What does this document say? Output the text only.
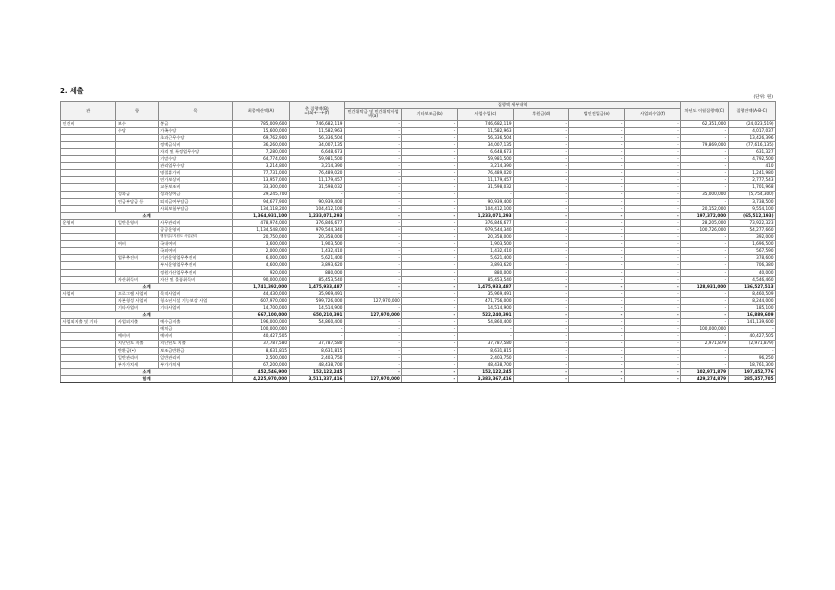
2. 세출
(단위: 원)
관	항	목	최종예산액(A)	총 집행액(B)
=(a)+···+(f)	집행액 세부내역						차년도 이월집행액(C)	집행잔액(A-B-C)
					민간위탁금 및 민간위탁사업비(a)	기타보조금(b)	사업수입(c)	후원금(d)	법인전입금(e)	사업외수입(f)		
인건비	보수	봉급	785,009,600	746,682,119	-	-	746,682,119	-	-	-	62,351,000	(24,023,519)
	수당	가족수당	15,600,000	11,582,963	-	-	11,582,963	-	-	-	-	4,017,037
		초과근무수당	69,762,900	56,336,504	-	-	56,336,504	-	-	-	-	13,426,396
		정액급식비	36,260,000	34,007,135	-	-	34,007,135	-	-	-	79,869,000	(77,616,135)
		자격 및 특정업무수당	7,280,000	6,648,673	-	-	6,648,673	-	-	-	-	631,327
		기말수당	64,774,000	59,981,500	-	-	59,981,500	-	-	-	-	4,792,500
		관리업무수당	3,214,800	3,214,390	-	-	3,214,390	-	-	-	-	410
		명절휴가비	77,731,000	76,489,020	-	-	76,489,020	-	-	-	-	1,241,980
		연가보상비	13,957,000	11,179,457	-	-	11,179,457	-	-	-	-	2,777,543
		교통보조비	33,300,000	31,598,032	-	-	31,598,032	-	-	-	-	1,701,968
	성과급	성과상여금	29,245,700	-	-	-	-	-	-	-	35,000,000	(5,754,300)
	연금부담금 등	퇴직급여부담금	94,677,900	90,939,400	-	-	90,939,400	-	-	-	-	3,738,500
		사회보험부담금	134,118,200	104,412,100	-	-	104,412,100	-	-	-	20,152,000	9,554,100
소계			1,364,931,100	1,233,071,293	-	-	1,233,071,293	-	-	-	197,372,000	(65,512,193)
운영비	일반운영비	사무관리비	478,974,000	376,846,677	-	-	376,846,677	-	-	-	28,205,000	73,922,323
		공공운영비	1,134,548,000	979,544,340	-	-	979,544,340	-	-	-	100,726,000	54,277,660
		행정업무지원도 사업관리	20,750,000	20,358,000	-	-	20,358,000	-	-	-	-	392,000
	여비	국내여비	3,600,000	1,903,500	-	-	1,903,500	-	-	-	-	1,696,500
		국외여비	2,000,000	1,432,410	-	-	1,432,410	-	-	-	-	567,590
	업무추진비	기관운영업무추진비	6,000,000	5,621,400	-	-	5,621,400	-	-	-	-	378,600
		부서운영업무추진비	4,600,000	3,893,620	-	-	3,893,620	-	-	-	-	706,380
		정원가산업무추진비	920,000	880,000	-	-	880,000	-	-	-	-	40,000
	자산취득비	자산 및 물품취득비	90,000,000	85,453,540	-	-	85,453,540	-	-	-	-	4,546,460
소계			1,741,392,000	1,475,933,487	-	-	1,475,933,487	-	-	-	128,931,000	136,527,513
사업비	프로그램 사업비	목적사업비	44,430,000	35,969,491	-	-	35,969,491	-	-	-	-	8,460,509
	자본형성 사업비	청소년시설 기능보강 사업	607,970,000	599,726,000	127,970,000	-	471,756,000	-	-	-	-	8,244,000
	기타사업비	기타사업비	14,700,000	14,514,900	-	-	14,514,900	-	-	-	-	185,100
소계			667,100,000	650,210,391	127,970,000	-	522,240,391	-	-	-	-	16,889,609
사업외지출 및 기타	사업외지출	예수금지출	196,000,000	54,860,400	-	-	54,860,400	-	-	-	-	141,139,600
		예치금	100,000,000	-	-	-	-	-	-	-	100,000,000	-
	예비비	예비비	40,427,505	-	-	-	-	-	-	-	-	40,427,505
	지난년도 지출	지난년도 지출	37,787,580	37,787,580	-	-	37,787,580	-	-	-	2,971,879	(2,971,879)
	반환금(•)	보조금반환금	8,631,815	8,631,815	-	-	8,631,815	-	-	-	-	-
	일반관리비	일반관리비	2,500,000	2,403,750	-	-	2,403,750	-	-	-	-	96,250
	부가가치세	부가가치세	67,200,000	48,438,700	-	-	48,438,700	-	-	-	-	18,761,300
소계			452,546,900	152,122,245	-	-	152,122,245	-	-	-	102,971,879	197,452,776
합계			4,225,970,000	3,511,337,416	127,970,000	-	3,383,367,416	-	-	-	429,274,879	285,357,705
